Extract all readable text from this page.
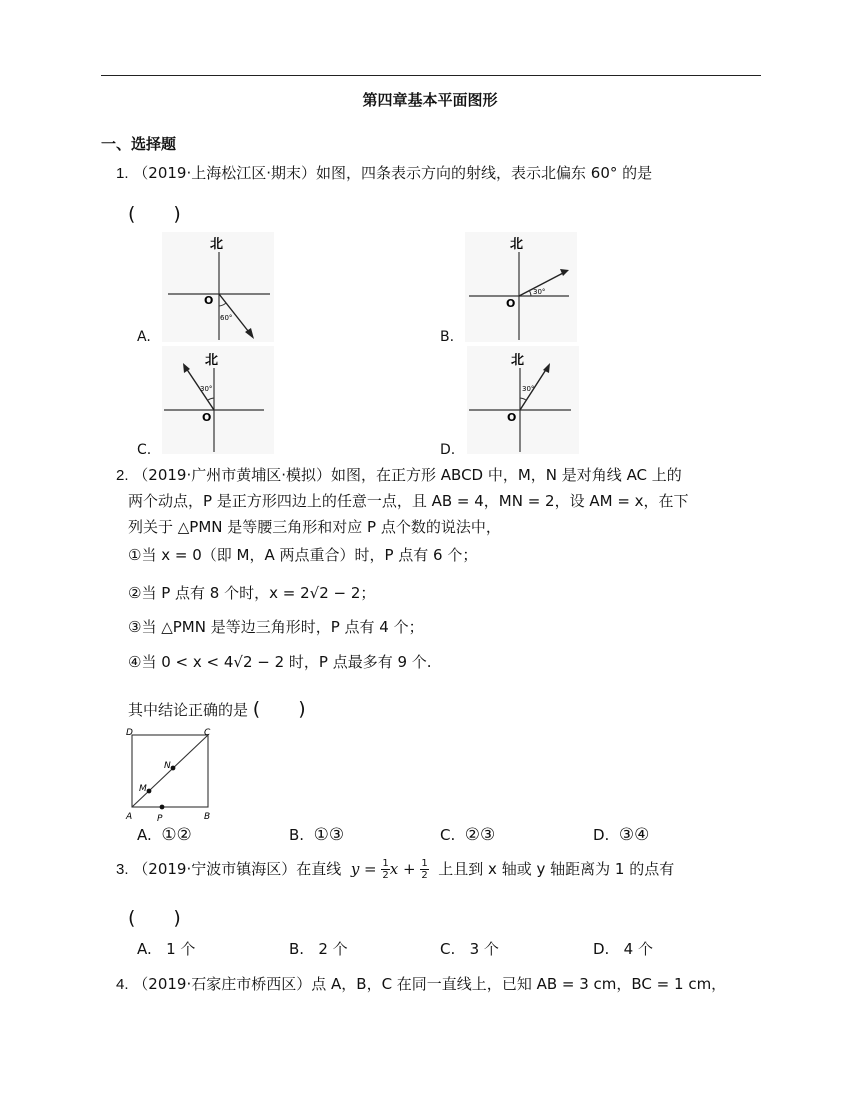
第四章基本平面图形
一、选择题
1. （2019·上海松江区·期末）如图，四条表示方向的射线，表示北偏东 60° 的是
(　　)
北
O
60°
A.
北
O
30°
B.
北
O
30°
C.
北
O
30°
D.
2. （2019·广州市黄埔区·模拟）如图，在正方形 ABCD 中，M，N 是对角线 AC 上的
两个动点，P 是正方形四边上的任意一点，且 AB = 4，MN = 2，设 AM = x，在下
列关于 △PMN 是等腰三角形和对应 P 点个数的说法中，
①当 x = 0（即 M，A 两点重合）时，P 点有 6 个；
②当 P 点有 8 个时，x = 2√2 − 2；
③当 △PMN 是等边三角形时，P 点有 4 个；
④当 0 < x < 4√2 − 2 时，P 点最多有 9 个.
其中结论正确的是 (　　)
D	C
A	B
M
N
P
A. ①②	B. ①③	C. ②③	D. ③④
3. （2019·宁波市镇海区）在直线 $y = \frac{1}{2}$ $x + \frac{1}{2}$ 上且到 x 轴或 y 轴距离为 1 的点有
(　　)
A. 1 个	B. 2 个	C. 3 个	D. 4 个
4. （2019·石家庄市桥西区）点 A，B，C 在同一直线上，已知 AB = 3 cm，BC = 1 cm，
